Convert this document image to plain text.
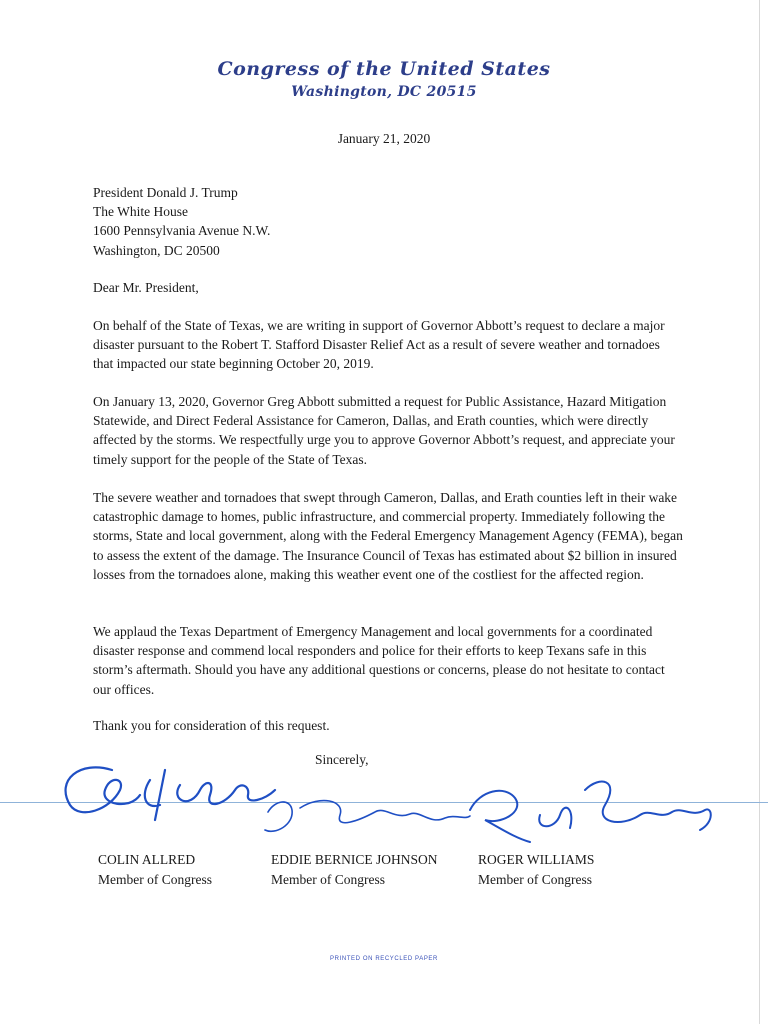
Congress of the United States
Washington, DC 20515
January 21, 2020
President Donald J. Trump
The White House
1600 Pennsylvania Avenue N.W.
Washington, DC 20500

Dear Mr. President,

On behalf of the State of Texas, we are writing in support of Governor Abbott’s request to declare a major disaster pursuant to the Robert T. Stafford Disaster Relief Act as a result of severe weather and tornadoes that impacted our state beginning October 20, 2019.

On January 13, 2020, Governor Greg Abbott submitted a request for Public Assistance, Hazard Mitigation Statewide, and Direct Federal Assistance for Cameron, Dallas, and Erath counties, which were directly affected by the storms. We respectfully urge you to approve Governor Abbott’s request, and appreciate your timely support for the people of the State of Texas.

The severe weather and tornadoes that swept through Cameron, Dallas, and Erath counties left in their wake catastrophic damage to homes, public infrastructure, and commercial property. Immediately following the storms, State and local government, along with the Federal Emergency Management Agency (FEMA), began to assess the extent of the damage. The Insurance Council of Texas has estimated about $2 billion in insured losses from the tornadoes alone, making this weather event one of the costliest for the affected region.

We applaud the Texas Department of Emergency Management and local governments for a coordinated disaster response and commend local responders and police for their efforts to keep Texans safe in this storm’s aftermath. Should you have any additional questions or concerns, please do not hesitate to contact our offices.

Thank you for consideration of this request.

Sincerely,
COLIN ALLRED
Member of Congress
EDDIE BERNICE JOHNSON
Member of Congress
ROGER WILLIAMS
Member of Congress
PRINTED ON RECYCLED PAPER
